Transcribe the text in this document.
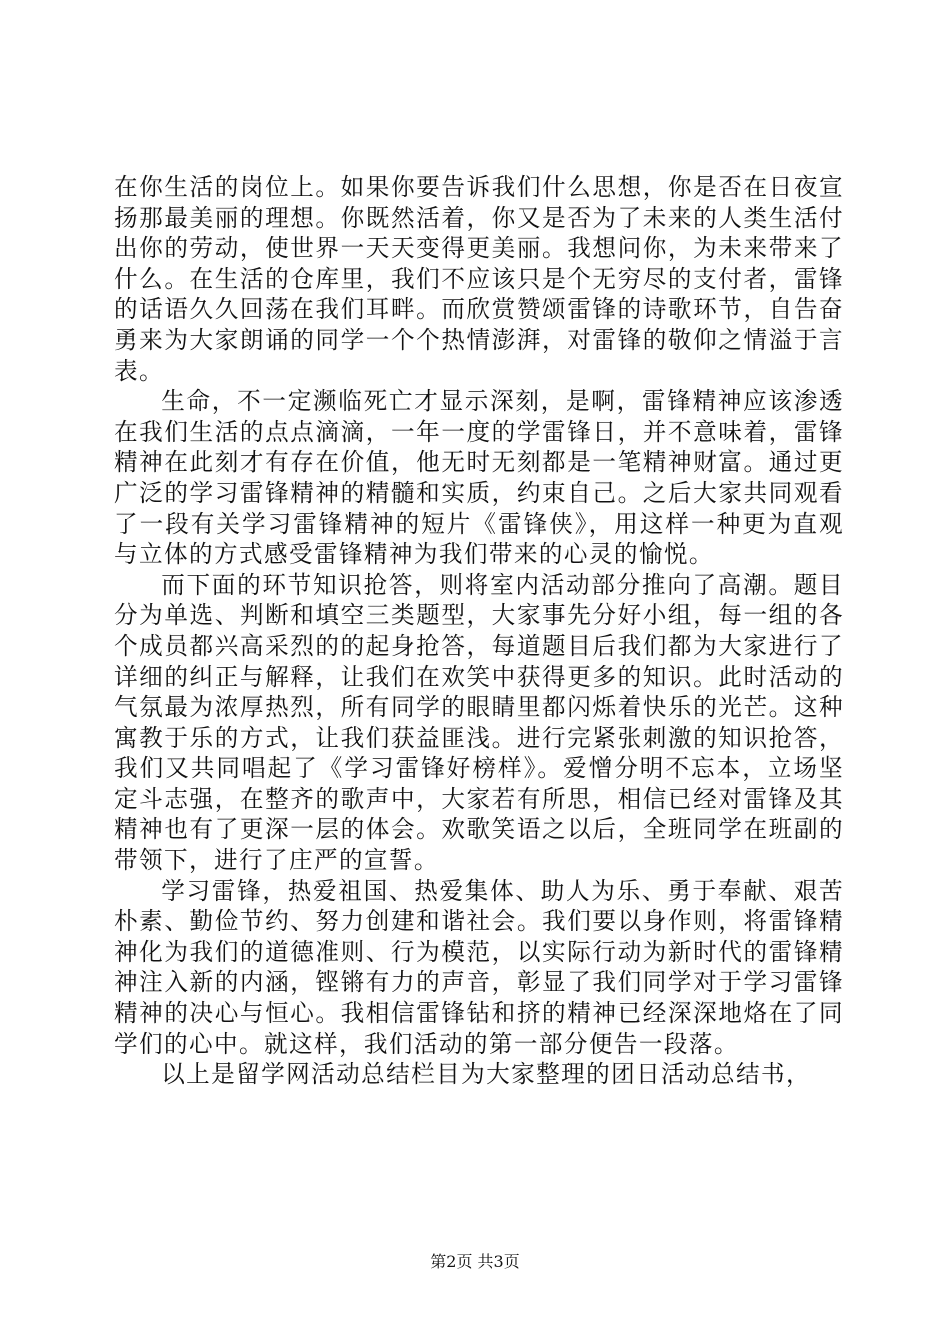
在你生活的岗位上。如果你要告诉我们什么思想，你是否在日夜宣扬那最美丽的理想。你既然活着，你又是否为了未来的人类生活付出你的劳动，使世界一天天变得更美丽。我想问你，为未来带来了什么。在生活的仓库里，我们不应该只是个无穷尽的支付者，雷锋的话语久久回荡在我们耳畔。而欣赏赞颂雷锋的诗歌环节，自告奋勇来为大家朗诵的同学一个个热情澎湃，对雷锋的敬仰之情溢于言表。

生命，不一定濒临死亡才显示深刻，是啊，雷锋精神应该渗透在我们生活的点点滴滴，一年一度的学雷锋日，并不意味着，雷锋精神在此刻才有存在价值，他无时无刻都是一笔精神财富。通过更广泛的学习雷锋精神的精髓和实质，约束自己。之后大家共同观看了一段有关学习雷锋精神的短片《雷锋侠》，用这样一种更为直观与立体的方式感受雷锋精神为我们带来的心灵的愉悦。

而下面的环节知识抢答，则将室内活动部分推向了高潮。题目分为单选、判断和填空三类题型，大家事先分好小组，每一组的各个成员都兴高采烈的的起身抢答，每道题目后我们都为大家进行了详细的纠正与解释，让我们在欢笑中获得更多的知识。此时活动的气氛最为浓厚热烈，所有同学的眼睛里都闪烁着快乐的光芒。这种寓教于乐的方式，让我们获益匪浅。进行完紧张刺激的知识抢答，我们又共同唱起了《学习雷锋好榜样》。爱憎分明不忘本，立场坚定斗志强，在整齐的歌声中，大家若有所思，相信已经对雷锋及其精神也有了更深一层的体会。欢歌笑语之以后，全班同学在班副的带领下，进行了庄严的宣誓。

学习雷锋，热爱祖国、热爱集体、助人为乐、勇于奉献、艰苦朴素、勤俭节约、努力创建和谐社会。我们要以身作则，将雷锋精神化为我们的道德准则、行为模范，以实际行动为新时代的雷锋精神注入新的内涵，铿锵有力的声音，彰显了我们同学对于学习雷锋精神的决心与恒心。我相信雷锋钻和挤的精神已经深深地烙在了同学们的心中。就这样，我们活动的第一部分便告一段落。

以上是留学网活动总结栏目为大家整理的团日活动总结书，

第2页 共3页
